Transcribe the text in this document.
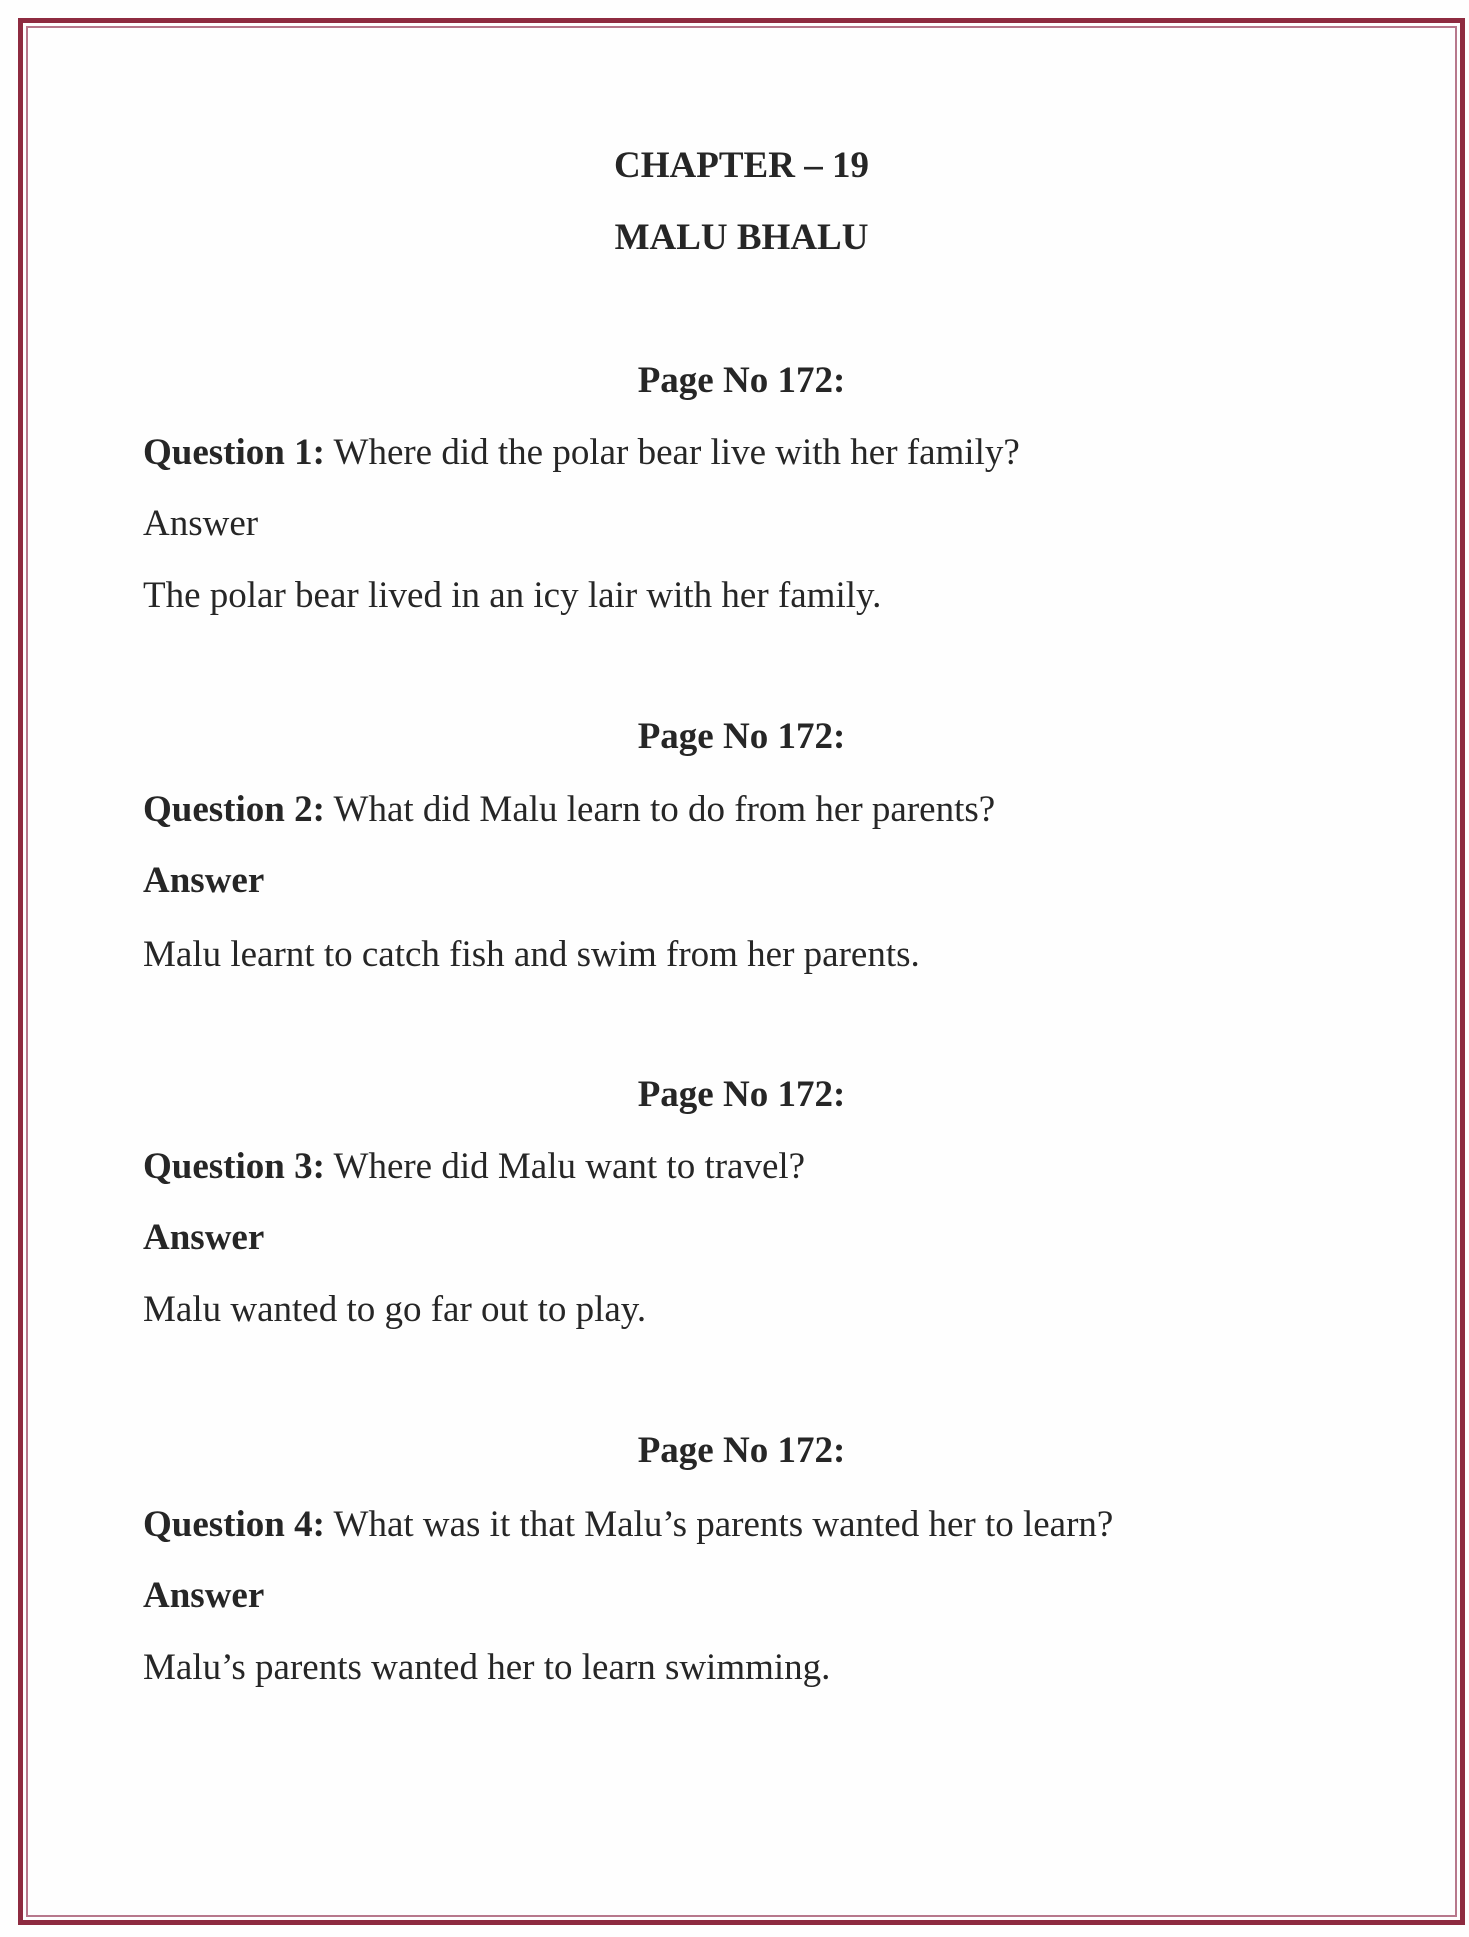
CHAPTER – 19
MALU BHALU
Page No 172:
Question 1: Where did the polar bear live with her family?
Answer
The polar bear lived in an icy lair with her family.
Page No 172:
Question 2: What did Malu learn to do from her parents?
Answer
Malu learnt to catch fish and swim from her parents.
Page No 172:
Question 3: Where did Malu want to travel?
Answer
Malu wanted to go far out to play.
Page No 172:
Question 4: What was it that Malu’s parents wanted her to learn?
Answer
Malu’s parents wanted her to learn swimming.
